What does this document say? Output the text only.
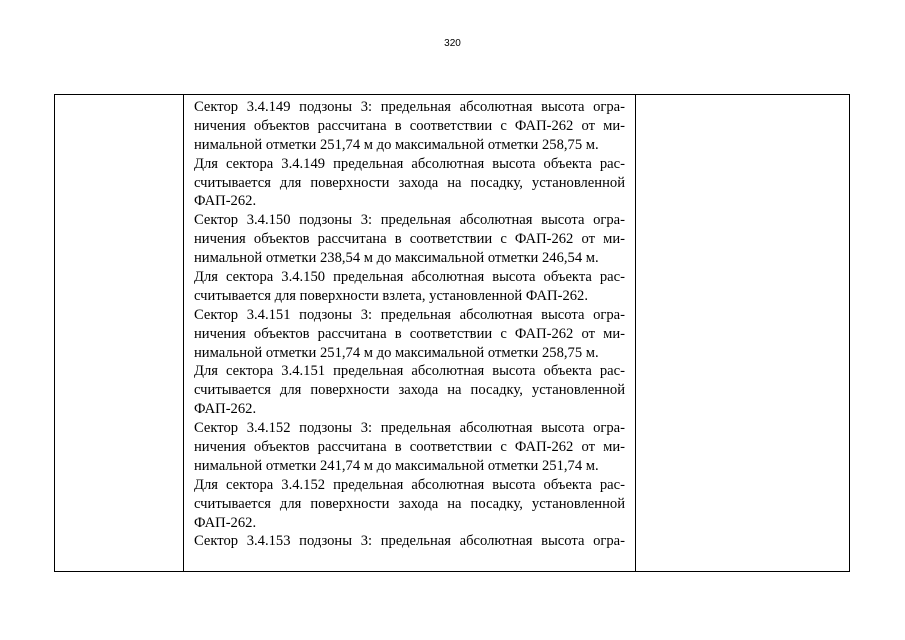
320
Сектор 3.4.149 подзоны 3: предельная абсолютная высота огра-
ничения объектов рассчитана в соответствии с ФАП-262 от ми-
нимальной отметки 251,74 м до максимальной отметки 258,75 м.
Для сектора 3.4.149 предельная абсолютная высота объекта рас-
считывается для поверхности захода на посадку, установленной
ФАП-262.
Сектор 3.4.150 подзоны 3: предельная абсолютная высота огра-
ничения объектов рассчитана в соответствии с ФАП-262 от ми-
нимальной отметки 238,54 м до максимальной отметки 246,54 м.
Для сектора 3.4.150 предельная абсолютная высота объекта рас-
считывается для поверхности взлета, установленной ФАП-262.
Сектор 3.4.151 подзоны 3: предельная абсолютная высота огра-
ничения объектов рассчитана в соответствии с ФАП-262 от ми-
нимальной отметки 251,74 м до максимальной отметки 258,75 м.
Для сектора 3.4.151 предельная абсолютная высота объекта рас-
считывается для поверхности захода на посадку, установленной
ФАП-262.
Сектор 3.4.152 подзоны 3: предельная абсолютная высота огра-
ничения объектов рассчитана в соответствии с ФАП-262 от ми-
нимальной отметки 241,74 м до максимальной отметки 251,74 м.
Для сектора 3.4.152 предельная абсолютная высота объекта рас-
считывается для поверхности захода на посадку, установленной
ФАП-262.
Сектор 3.4.153 подзоны 3: предельная абсолютная высота огра-
